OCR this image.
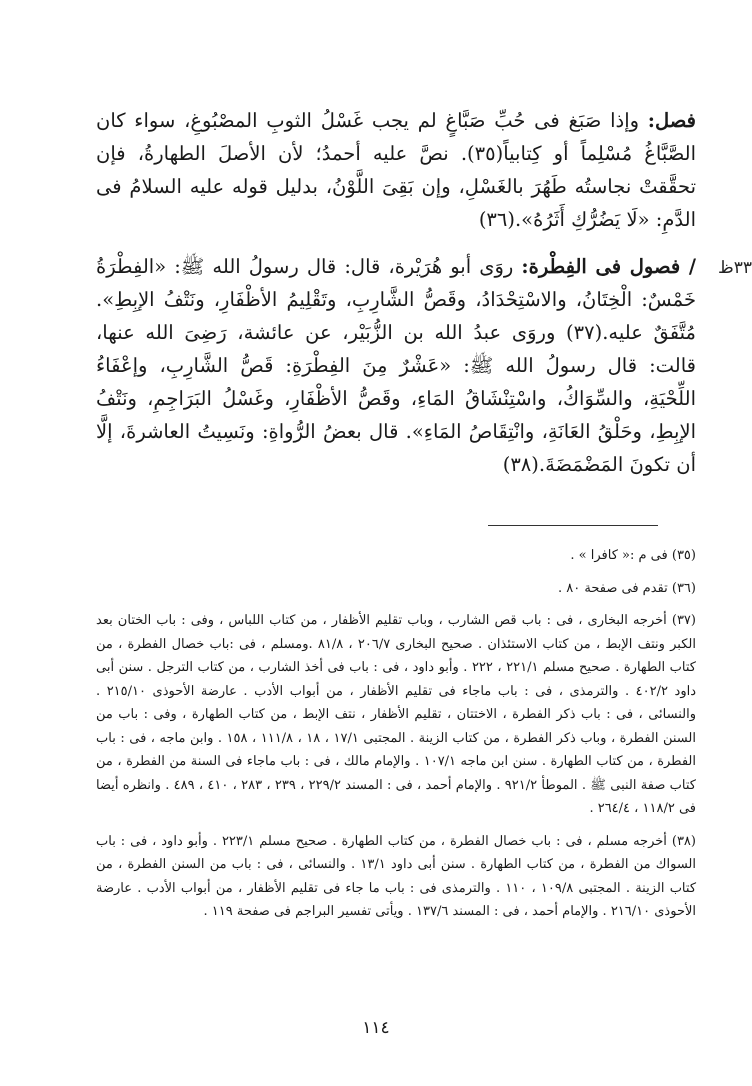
٣٣ظ

فصل: وإذا صَبَغ فى حُبِّ صَبَّاغٍ لم يجب غَسْلُ الثوبِ المصْبُوغِ، سواء كان الصَّبَّاغُ مُسْلِماً أو كِتابياً(٣٥). نصَّ عليه أحمدُ؛ لأن الأصلَ الطهارةُ، فإن تحقَّقتْ نجاستُه طَهُرَ بالغَسْلِ، وإن بَقِىَ اللَّوْنُ، بدليل قوله عليه السلامُ فى الدَّمِ: «لَا يَضُرُّكِ أَثَرُهُ».(٣٦)

/ فصول فى الفِطْرة: روَى أبو هُرَيْرة، قال: قال رسولُ الله ﷺ: «الفِطْرَةُ خَمْسٌ: الْخِتَانُ، والاسْتِحْدَادُ، وقَصُّ الشَّارِبِ، وتَقْلِيمُ الأظْفَارِ، ونَتْفُ الإبِطِ». مُتَّفَقٌ عليه.(٣٧) وروَى عبدُ الله بن الزُّبَيْر، عن عائشة، رَضِىَ الله عنها، قالت: قال رسولُ الله ﷺ: «عَشْرٌ مِنَ الفِطْرَةِ: قَصُّ الشَّارِبِ، وإعْفَاءُ اللِّحْيَةِ، والسِّوَاكُ، واسْتِنْشَاقُ المَاءِ، وقَصُّ الأظْفَارِ، وغَسْلُ البَرَاجِمِ، ونَتْفُ الإبِطِ، وحَلْقُ العَانَةِ، وانْتِقَاصُ المَاءِ». قال بعضُ الرُّواةِ: ونَسِيتُ العاشرةَ، إلَّا أن تكونَ المَضْمَضَةَ.(٣٨)

(٣٥) فى م :« كافرا » .

(٣٦) تقدم فى صفحة ٨٠ .

(٣٧) أخرجه البخارى ، فى : باب قص الشارب ، وباب تقليم الأظفار ، من كتاب اللباس ، وفى : باب الختان بعد الكبر ونتف الإبط ، من كتاب الاستئذان . صحيح البخارى ٢٠٦/٧ ، ٨١/٨ .ومسلم ، فى :باب خصال الفطرة ، من كتاب الطهارة . صحيح مسلم ٢٢١/١ ، ٢٢٢ . وأبو داود ، فى : باب فى أخذ الشارب ، من كتاب الترجل . سنن أبى داود ٤٠٢/٢ . والترمذى ، فى : باب ماجاء فى تقليم الأظفار ، من أبواب الأدب . عارضة الأحوذى ٢١٥/١٠ . والنسائى ، فى : باب ذكر الفطرة ، الاختتان ، تقليم الأظفار ، نتف الإبط ، من كتاب الطهارة ، وفى : باب من السنن الفطرة ، وباب ذكر الفطرة ، من كتاب الزينة . المجتبى ١٧/١ ، ١٨ ، ١١١/٨ ، ١٥٨ . وابن ماجه ، فى : باب الفطرة ، من كتاب الطهارة . سنن ابن ماجه ١٠٧/١ . والإمام مالك ، فى : باب ماجاء فى السنة من الفطرة ، من كتاب صفة النبى ﷺ . الموطأ ٩٢١/٢ . والإمام أحمد ، فى : المسند ٢٢٩/٢ ، ٢٣٩ ، ٢٨٣ ، ٤١٠ ، ٤٨٩ . وانظره أيضا فى ١١٨/٢ ، ٢٦٤/٤ .

(٣٨) أخرجه مسلم ، فى : باب خصال الفطرة ، من كتاب الطهارة . صحيح مسلم ٢٢٣/١ . وأبو داود ، فى : باب السواك من الفطرة ، من كتاب الطهارة . سنن أبى داود ١٣/١ . والنسائى ، فى : باب من السنن الفطرة ، من كتاب الزينة . المجتبى ١٠٩/٨ ، ١١٠ . والترمذى فى : باب ما جاء فى تقليم الأظفار ، من أبواب الأدب . عارضة الأحوذى ٢١٦/١٠ . والإمام أحمد ، فى : المسند ١٣٧/٦ . ويأتى تفسير البراجم فى صفحة ١١٩ .

١١٤
